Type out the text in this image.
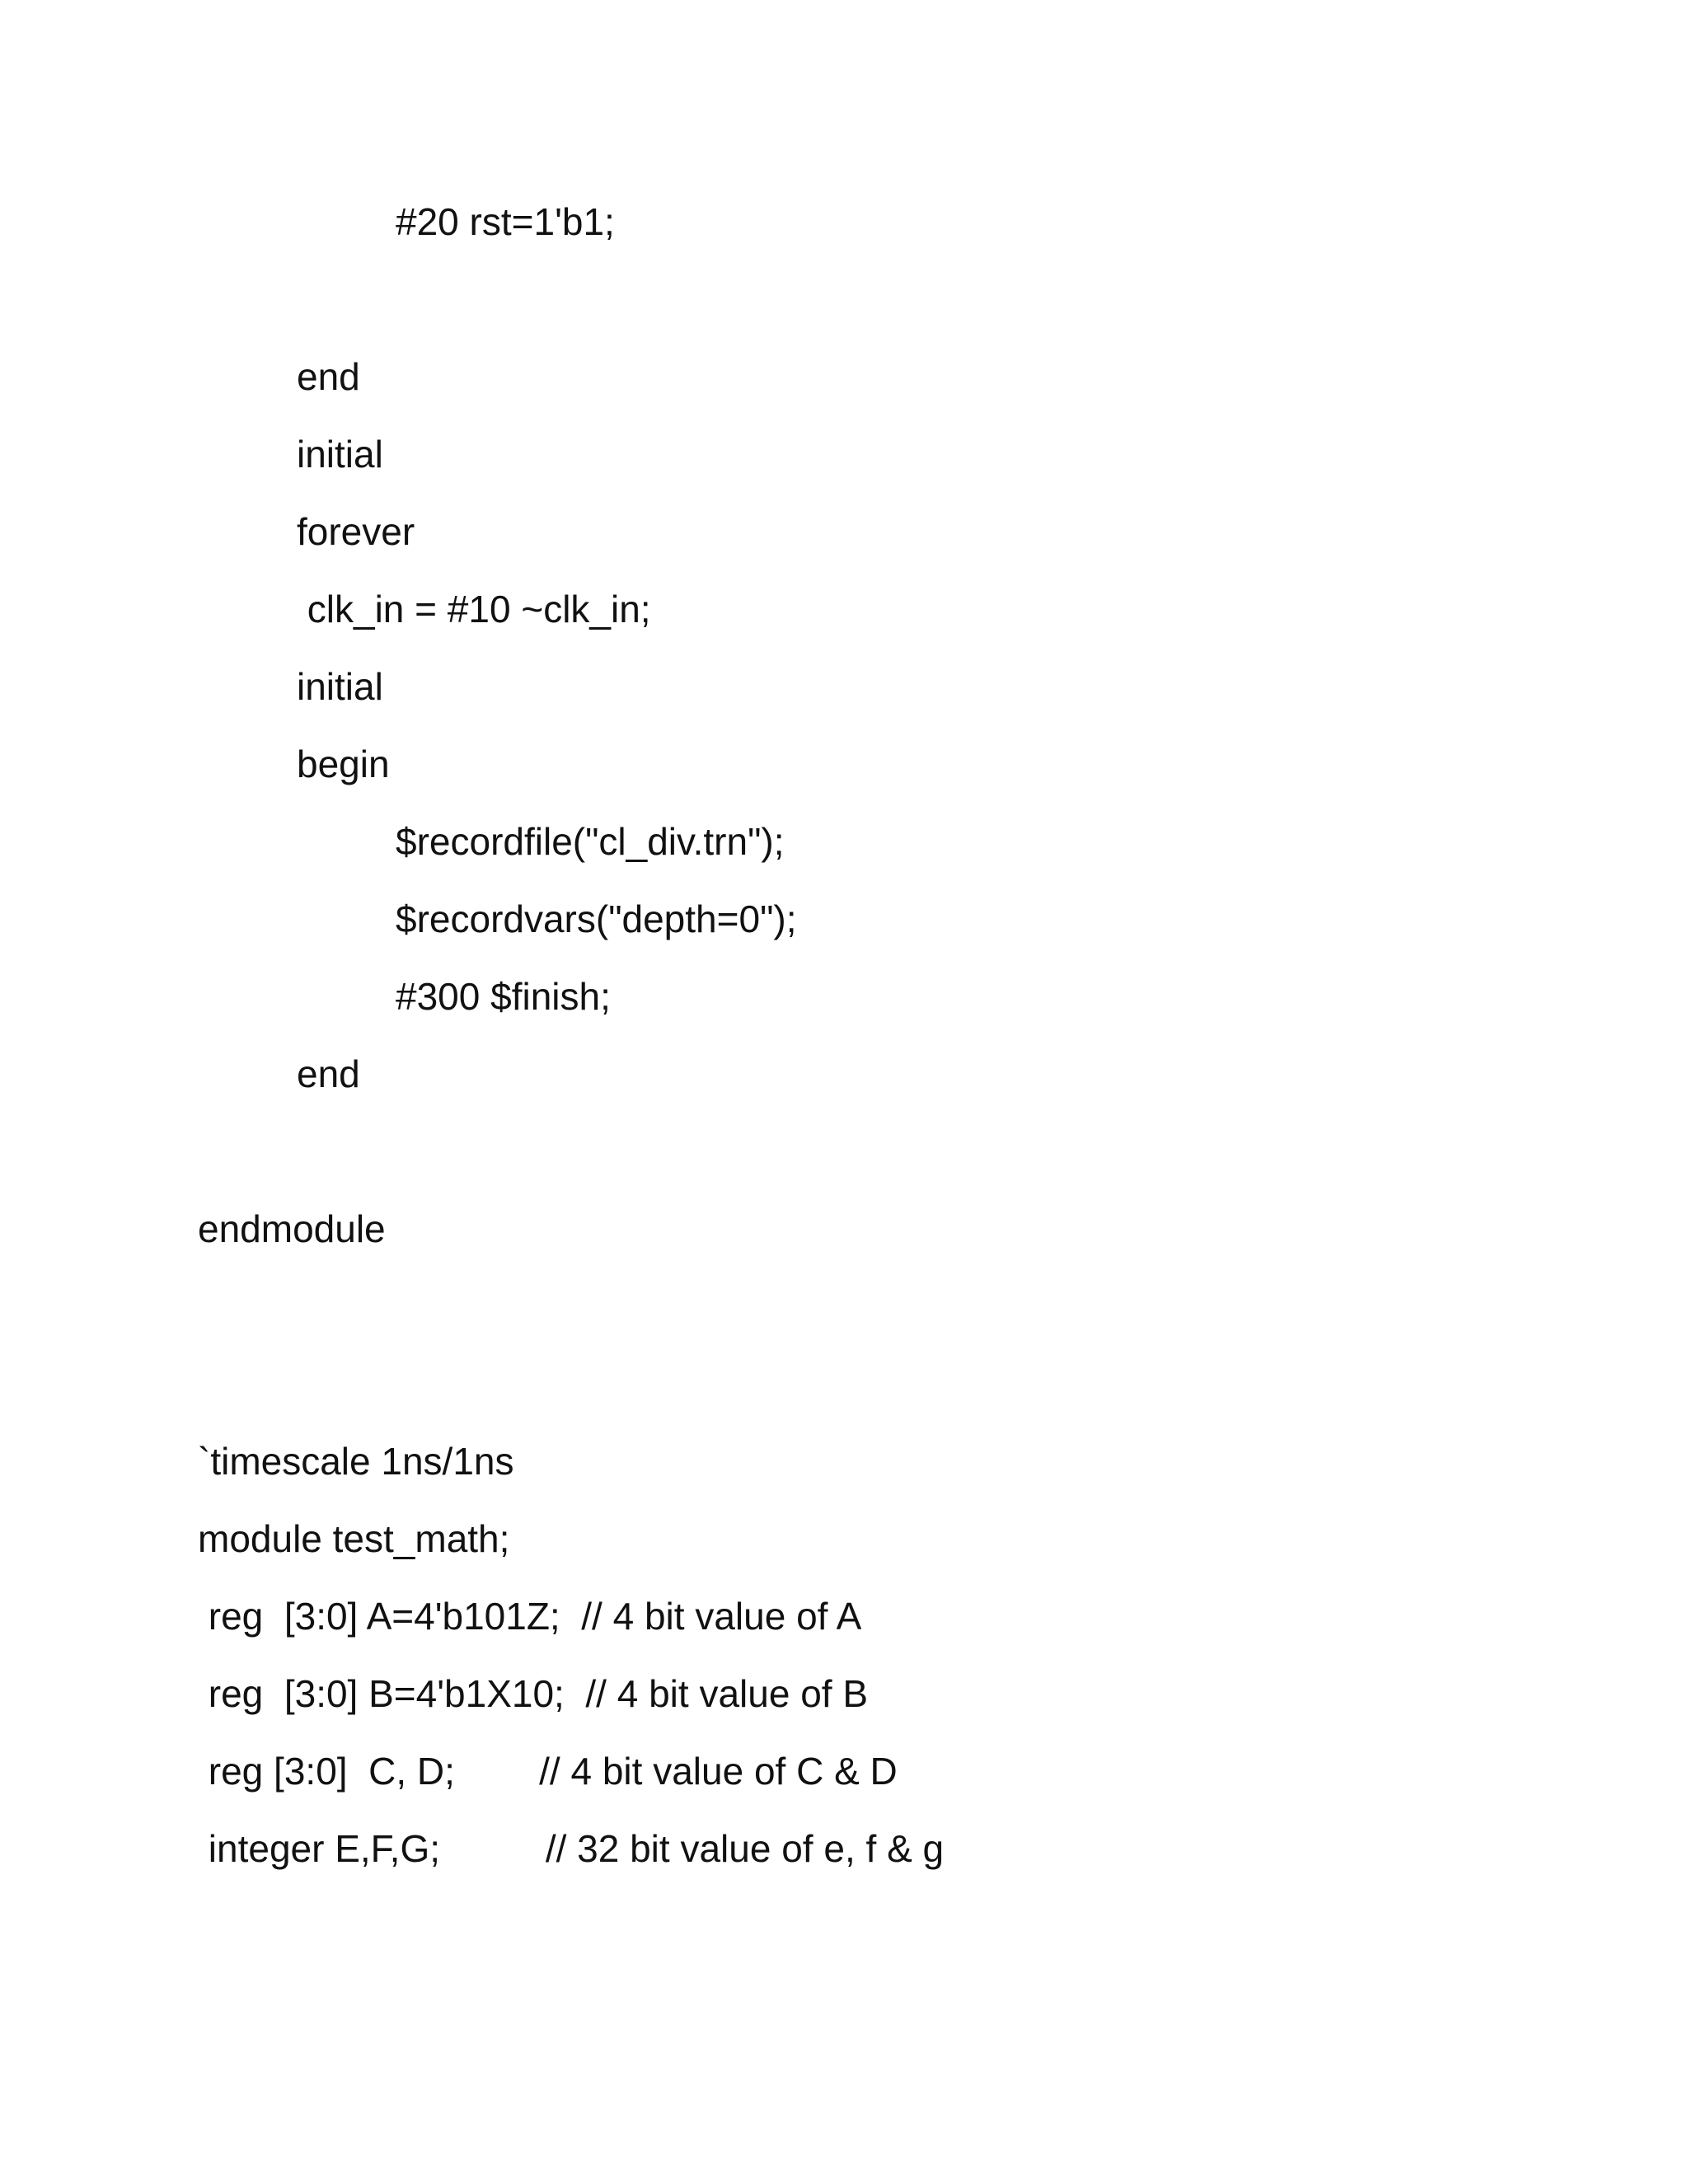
#20 rst=1'b1;

end

initial

forever

clk_in = #10 ~clk_in;

initial

begin

$recordfile("cl_div.trn");

$recordvars("depth=0");

#300 $finish;

end

endmodule

`timescale 1ns/1ns

module test_math;

reg  [3:0] A=4'b101Z;  // 4 bit value of A

reg  [3:0] B=4'b1X10;  // 4 bit value of B

reg [3:0]  C, D;        // 4 bit value of C & D

integer E,F,G;          // 32 bit value of e, f & g
